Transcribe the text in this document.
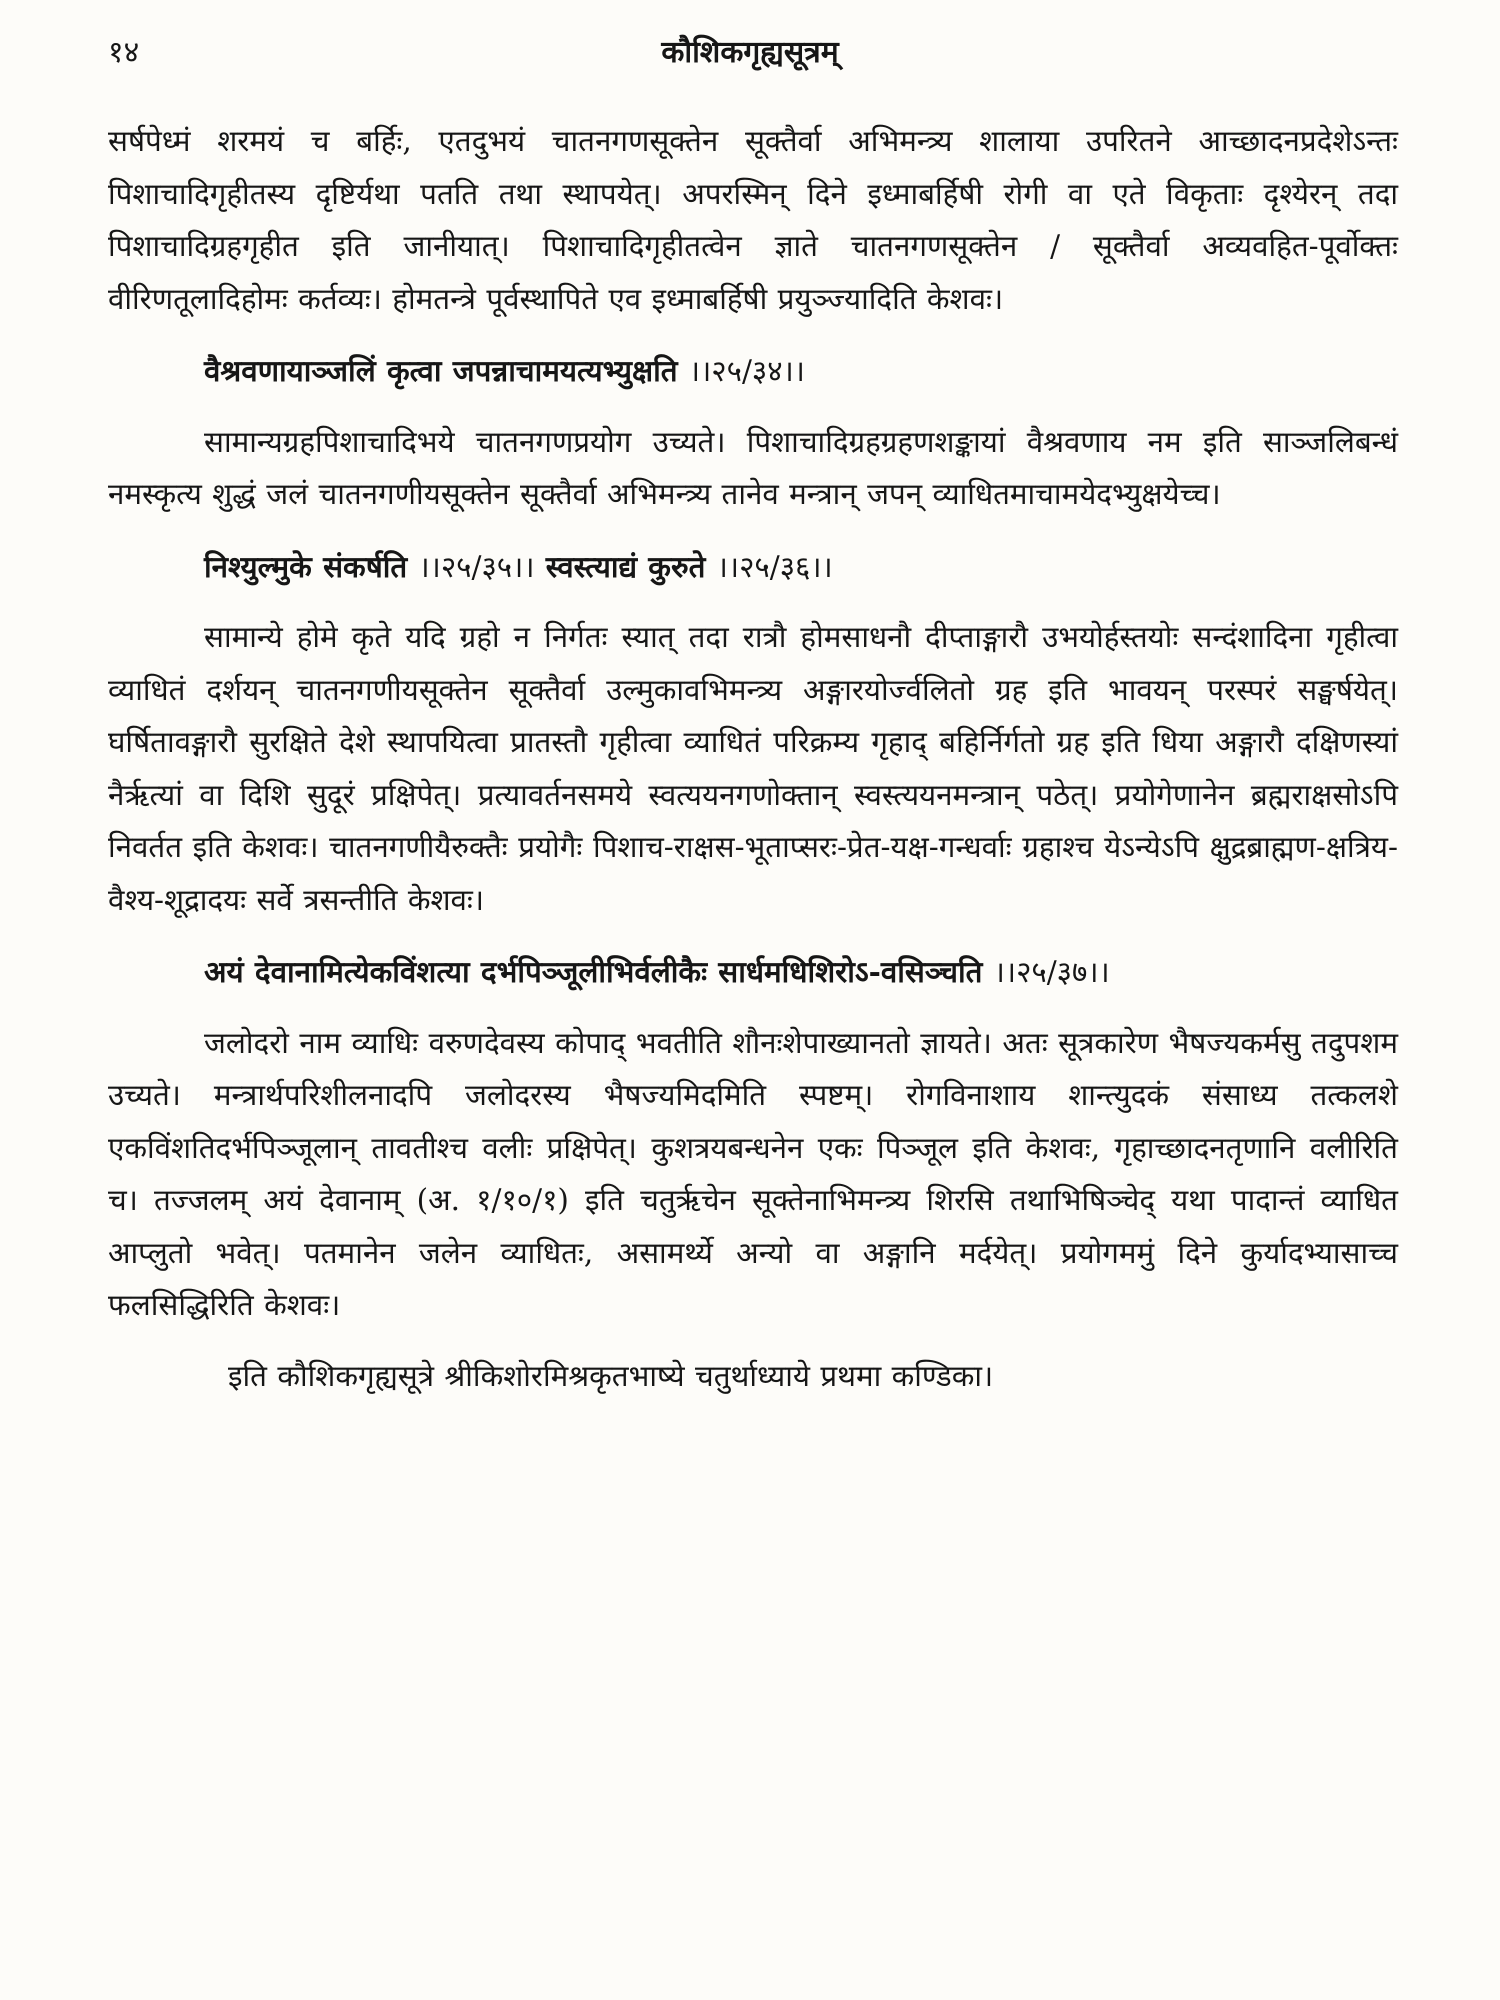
१४	कौशिकगृह्यसूत्रम्

सर्षपेध्मं शरमयं च बर्हिः, एतदुभयं चातनगणसूक्तेन सूक्तैर्वा अभिमन्त्र्य शालाया उपरितने आच्छादनप्रदेशेऽन्तः पिशाचादिगृहीतस्य दृष्टिर्यथा पतति तथा स्थापयेत्। अपरस्मिन् दिने इध्माबर्हिषी रोगी वा एते विकृताः दृश्येरन् तदा पिशाचादिग्रहगृहीत इति जानीयात्। पिशाचादिगृहीतत्वेन ज्ञाते चातनगणसूक्तेन / सूक्तैर्वा अव्यवहित-पूर्वोक्तः वीरिणतूलादिहोमः कर्तव्यः। होमतन्त्रे पूर्वस्थापिते एव इध्माबर्हिषी प्रयुञ्ज्यादिति केशवः।

वैश्रवणायाञ्जलिं कृत्वा जपन्नाचामयत्यभ्युक्षति ।।२५/३४।।

सामान्यग्रहपिशाचादिभये चातनगणप्रयोग उच्यते। पिशाचादिग्रहग्रहणशङ्कायां वैश्रवणाय नम इति साञ्जलिबन्धं नमस्कृत्य शुद्धं जलं चातनगणीयसूक्तेन सूक्तैर्वा अभिमन्त्र्य तानेव मन्त्रान् जपन् व्याधितमाचामयेदभ्युक्षयेच्च।

निश्युल्मुके संकर्षति ।।२५/३५।। स्वस्त्याद्यं कुरुते ।।२५/३६।।

सामान्ये होमे कृते यदि ग्रहो न निर्गतः स्यात् तदा रात्रौ होमसाधनौ दीप्ताङ्गारौ उभयोर्हस्तयोः सन्दंशादिना गृहीत्वा व्याधितं दर्शयन् चातनगणीयसूक्तेन सूक्तैर्वा उल्मुकावभिमन्त्र्य अङ्गारयोर्ज्वलितो ग्रह इति भावयन् परस्परं सङ्घर्षयेत्। घर्षितावङ्गारौ सुरक्षिते देशे स्थापयित्वा प्रातस्तौ गृहीत्वा व्याधितं परिक्रम्य गृहाद् बहिर्निर्गतो ग्रह इति धिया अङ्गारौ दक्षिणस्यां नैर्ऋत्यां वा दिशि सुदूरं प्रक्षिपेत्। प्रत्यावर्तनसमये स्वत्ययनगणोक्तान् स्वस्त्ययनमन्त्रान् पठेत्। प्रयोगेणानेन ब्रह्मराक्षसोऽपि निवर्तत इति केशवः। चातनगणीयैरुक्तैः प्रयोगैः पिशाच-राक्षस-भूताप्सरः-प्रेत-यक्ष-गन्धर्वाः ग्रहाश्च येऽन्येऽपि क्षुद्रब्राह्मण-क्षत्रिय-वैश्य-शूद्रादयः सर्वे त्रसन्तीति केशवः।

अयं देवानामित्येकविंशत्या दर्भपिञ्जूलीभिर्वलीकैः सार्धमधिशिरोऽ-वसिञ्चति ।।२५/३७।।

जलोदरो नाम व्याधिः वरुणदेवस्य कोपाद् भवतीति शौनःशेपाख्यानतो ज्ञायते। अतः सूत्रकारेण भैषज्यकर्मसु तदुपशम उच्यते। मन्त्रार्थपरिशीलनादपि जलोदरस्य भैषज्यमिदमिति स्पष्टम्। रोगविनाशाय शान्त्युदकं संसाध्य तत्कलशे एकविंशतिदर्भपिञ्जूलान् तावतीश्च वलीः प्रक्षिपेत्। कुशत्रयबन्धनेन एकः पिञ्जूल इति केशवः, गृहाच्छादनतृणानि वलीरिति च। तज्जलम् अयं देवानाम् (अ. १/१०/१) इति चतुर्ऋचेन सूक्तेनाभिमन्त्र्य शिरसि तथाभिषिञ्चेद् यथा पादान्तं व्याधित आप्लुतो भवेत्। पतमानेन जलेन व्याधितः, असामर्थ्ये अन्यो वा अङ्गानि मर्दयेत्। प्रयोगममुं दिने कुर्यादभ्यासाच्च फलसिद्धिरिति केशवः।

इति कौशिकगृह्यसूत्रे श्रीकिशोरमिश्रकृतभाष्ये चतुर्थाध्याये प्रथमा कण्डिका।
